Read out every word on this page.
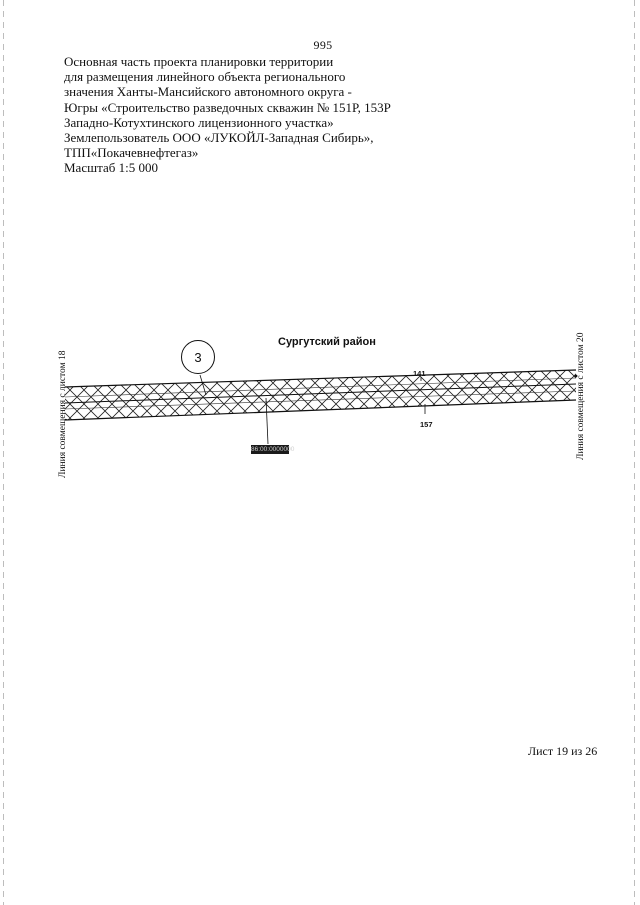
995
Основная часть проекта планировки территории
для размещения линейного объекта регионального
значения Ханты-Мансийского автономного округа -
Югры «Строительство разведочных скважин № 151Р, 153Р
Западно-Котухтинского лицензионного участка»
Землепользователь ООО «ЛУКОЙЛ-Западная Сибирь»,
ТПП«Покачевнефтегаз»
Масштаб 1:5 000
Сургутский район
3
141
157
86:00:0000000
Линия совмещения с листом 18	Линия совмещения с листом 20
Лист 19 из 26
